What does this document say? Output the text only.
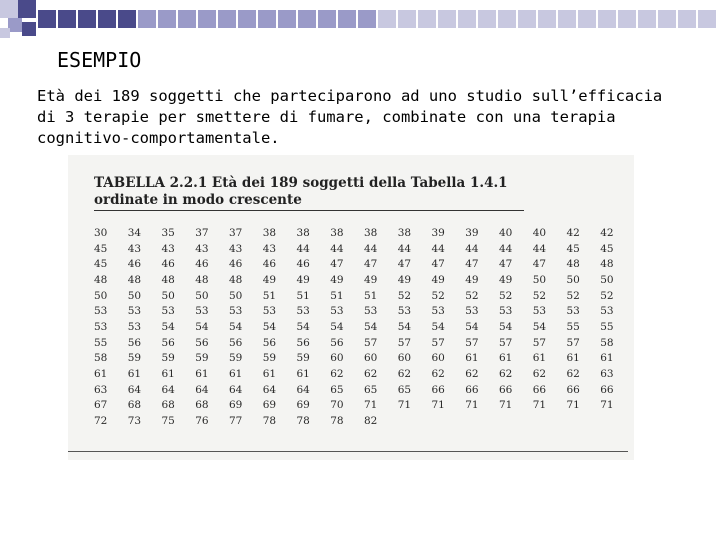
ESEMPIO

Età dei 189 soggetti che parteciparono ad uno studio sull’efficacia di 3 terapie per smettere di fumare, combinate con una terapia cognitivo-comportamentale.

TABELLA 2.2.1 Età dei 189 soggetti della Tabella 1.4.1 ordinate in modo crescente
30	34	35	37	37	38	38	38	38	38	39	39	40	40	42	42
45	43	43	43	43	43	44	44	44	44	44	44	44	44	45	45
45	46	46	46	46	46	46	47	47	47	47	47	47	47	48	48
48	48	48	48	48	49	49	49	49	49	49	49	49	50	50	50
50	50	50	50	50	51	51	51	51	52	52	52	52	52	52	52
53	53	53	53	53	53	53	53	53	53	53	53	53	53	53	53
53	53	54	54	54	54	54	54	54	54	54	54	54	54	55	55
55	56	56	56	56	56	56	56	57	57	57	57	57	57	57	58
58	59	59	59	59	59	59	60	60	60	60	61	61	61	61	61
61	61	61	61	61	61	61	62	62	62	62	62	62	62	62	63
63	64	64	64	64	64	64	65	65	65	66	66	66	66	66	66
67	68	68	68	69	69	69	70	71	71	71	71	71	71	71	71
72	73	75	76	77	78	78	78	82							
